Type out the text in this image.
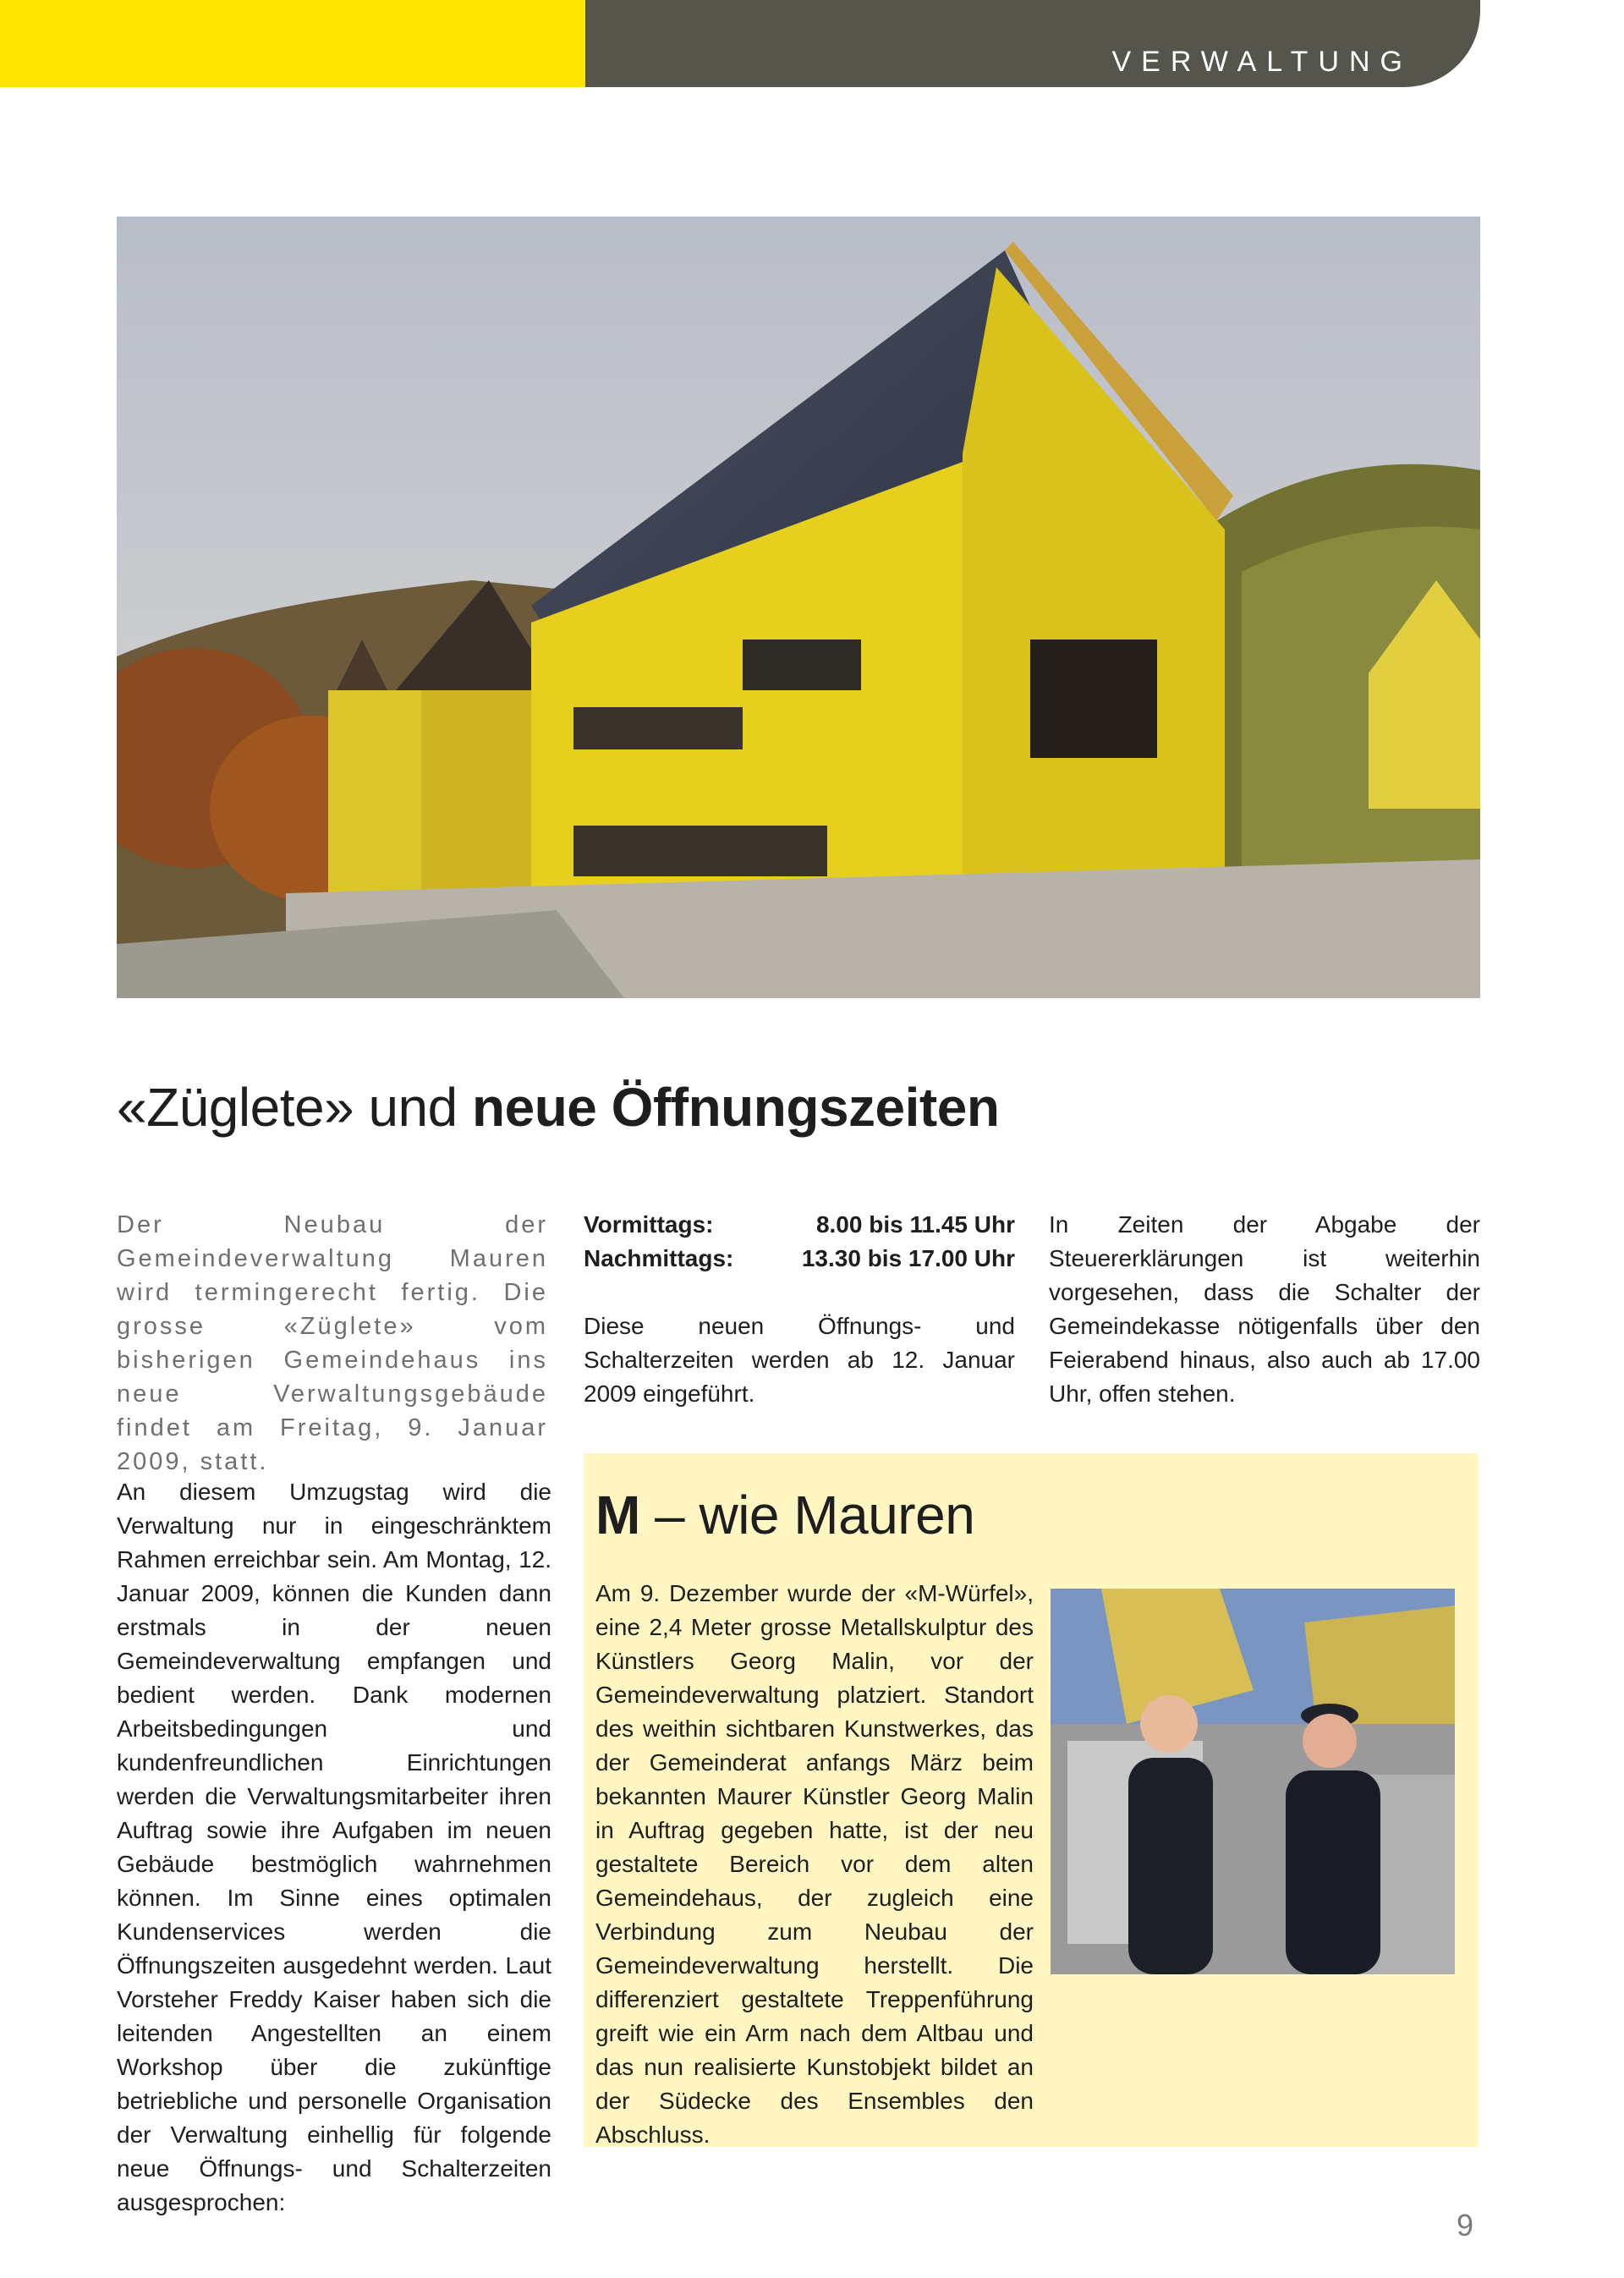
VERWALTUNG
«Züglete» und neue Öffnungszeiten

Der Neubau der Gemeindeverwaltung Mauren wird termingerecht fertig. Die grosse «Züglete» vom bisherigen Gemeindehaus ins neue Verwaltungsgebäude findet am Freitag, 9. Januar 2009, statt.

An diesem Umzugstag wird die Verwaltung nur in eingeschränktem Rahmen erreichbar sein. Am Montag, 12. Januar 2009, können die Kunden dann erstmals in der neuen Gemeindeverwaltung empfangen und bedient werden. Dank modernen Arbeitsbedingungen und kundenfreundlichen Einrichtungen werden die Verwaltungsmitarbeiter ihren Auftrag sowie ihre Aufgaben im neuen Gebäude bestmöglich wahrnehmen können. Im Sinne eines optimalen Kundenservices werden die Öffnungszeiten ausgedehnt werden. Laut Vorsteher Freddy Kaiser haben sich die leitenden Angestellten an einem Workshop über die zukünftige betriebliche und personelle Organisation der Verwaltung einhellig für folgende neue Öffnungs- und Schalterzeiten ausgesprochen:

Vormittags:	8.00 bis 11.45 Uhr
Nachmittags:	13.30 bis 17.00 Uhr

Diese neuen Öffnungs- und Schalterzeiten werden ab 12. Januar 2009 eingeführt.

In Zeiten der Abgabe der Steuererklärungen ist weiterhin vorgesehen, dass die Schalter der Gemeindekasse nötigenfalls über den Feierabend hinaus, also auch ab 17.00 Uhr, offen stehen.

M – wie Mauren

Am 9. Dezember wurde der «M-Würfel», eine 2,4 Meter grosse Metallskulptur des Künstlers Georg Malin, vor der Gemeindeverwaltung platziert. Standort des weithin sichtbaren Kunstwerkes, das der Gemeinderat anfangs März beim bekannten Maurer Künstler Georg Malin in Auftrag gegeben hatte, ist der neu gestaltete Bereich vor dem alten Gemeindehaus, der zugleich eine Verbindung zum Neubau der Gemeindeverwaltung herstellt. Die differenziert gestaltete Treppenführung greift wie ein Arm nach dem Altbau und das nun realisierte Kunstobjekt bildet an der Südecke des Ensembles den Abschluss.

9
